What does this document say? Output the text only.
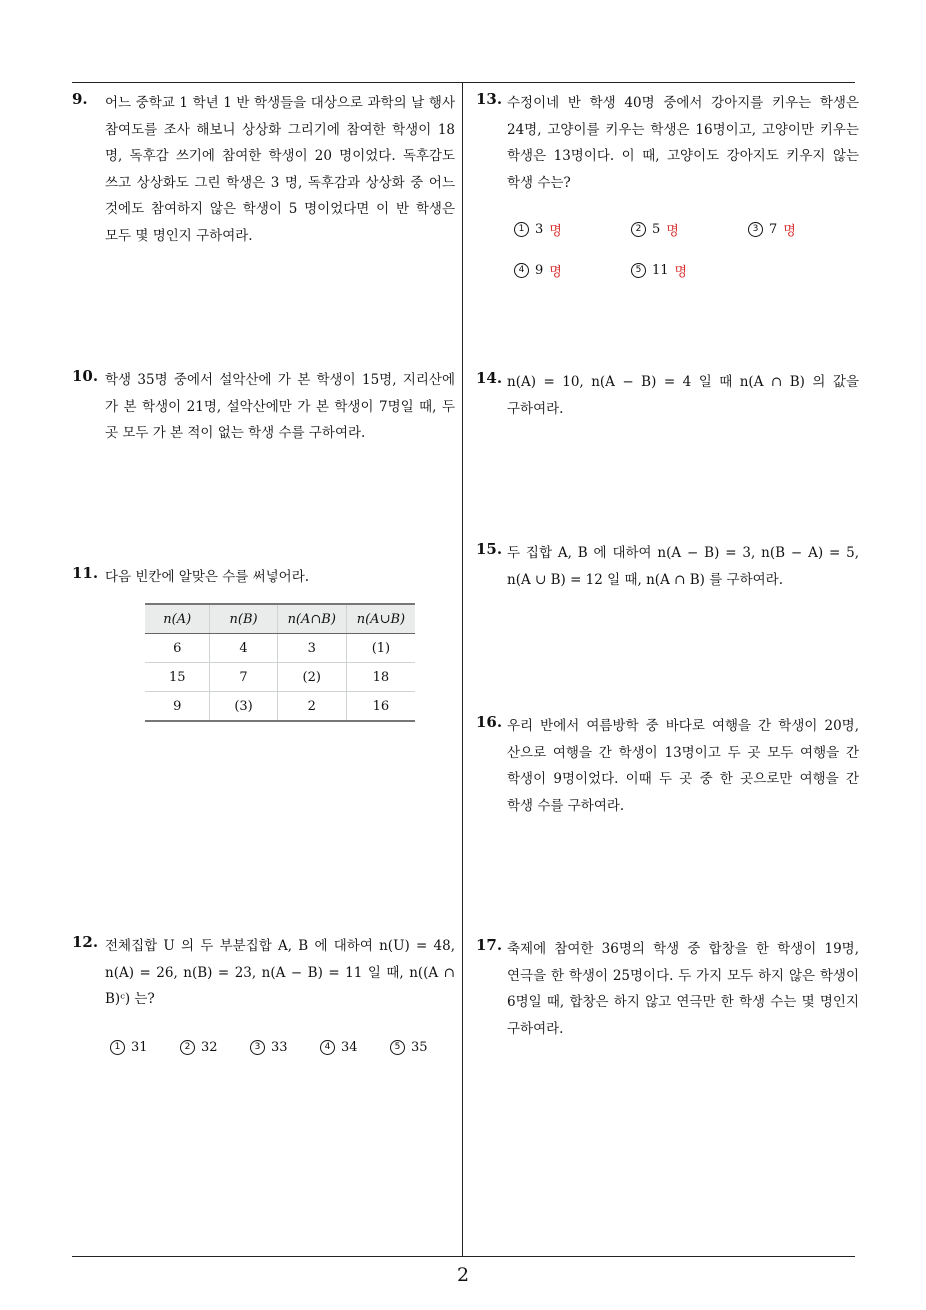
9. 어느 중학교 1 학년 1 반 학생들을 대상으로 과학의 날 행사 참여도를 조사 해보니 상상화 그리기에 참여한 학생이 18 명, 독후감 쓰기에 참여한 학생이 20 명이었다. 독후감도 쓰고 상상화도 그린 학생은 3 명, 독후감과 상상화 중 어느 것에도 참여하지 않은 학생이 5 명이었다면 이 반 학생은 모두 몇 명인지 구하여라.
10. 학생 35명 중에서 설악산에 가 본 학생이 15명, 지리산에 가 본 학생이 21명, 설악산에만 가 본 학생이 7명일 때, 두 곳 모두 가 본 적이 없는 학생 수를 구하여라.
11. 다음 빈칸에 알맞은 수를 써넣어라.
n(A)	n(B)	n(A∩B)	n(A∪B)
6	4	3	(1)
15	7	(2)	18
9	(3)	2	16
12. 전체집합 U 의 두 부분집합 A, B 에 대하여 n(U) = 48, n(A) = 26, n(B) = 23, n(A − B) = 11 일 때, n((A ∩ B)ᶜ) 는?
1 31	2 32	3 33	4 34	5 35
13. 수정이네 반 학생 40명 중에서 강아지를 키우는 학생은 24명, 고양이를 키우는 학생은 16명이고, 고양이만 키우는 학생은 13명이다. 이 때, 고양이도 강아지도 키우지 않는 학생 수는?
1 3 명	2 5 명	3 7 명
4 9 명	5 11 명
14. n(A) = 10, n(A − B) = 4 일 때 n(A ∩ B) 의 값을 구하여라.
15. 두 집합 A, B 에 대하여 n(A − B) = 3, n(B − A) = 5, n(A ∪ B) = 12 일 때, n(A ∩ B) 를 구하여라.
16. 우리 반에서 여름방학 중 바다로 여행을 간 학생이 20명, 산으로 여행을 간 학생이 13명이고 두 곳 모두 여행을 간 학생이 9명이었다. 이때 두 곳 중 한 곳으로만 여행을 간 학생 수를 구하여라.
17. 축제에 참여한 36명의 학생 중 합창을 한 학생이 19명, 연극을 한 학생이 25명이다. 두 가지 모두 하지 않은 학생이 6명일 때, 합창은 하지 않고 연극만 한 학생 수는 몇 명인지 구하여라.
2
